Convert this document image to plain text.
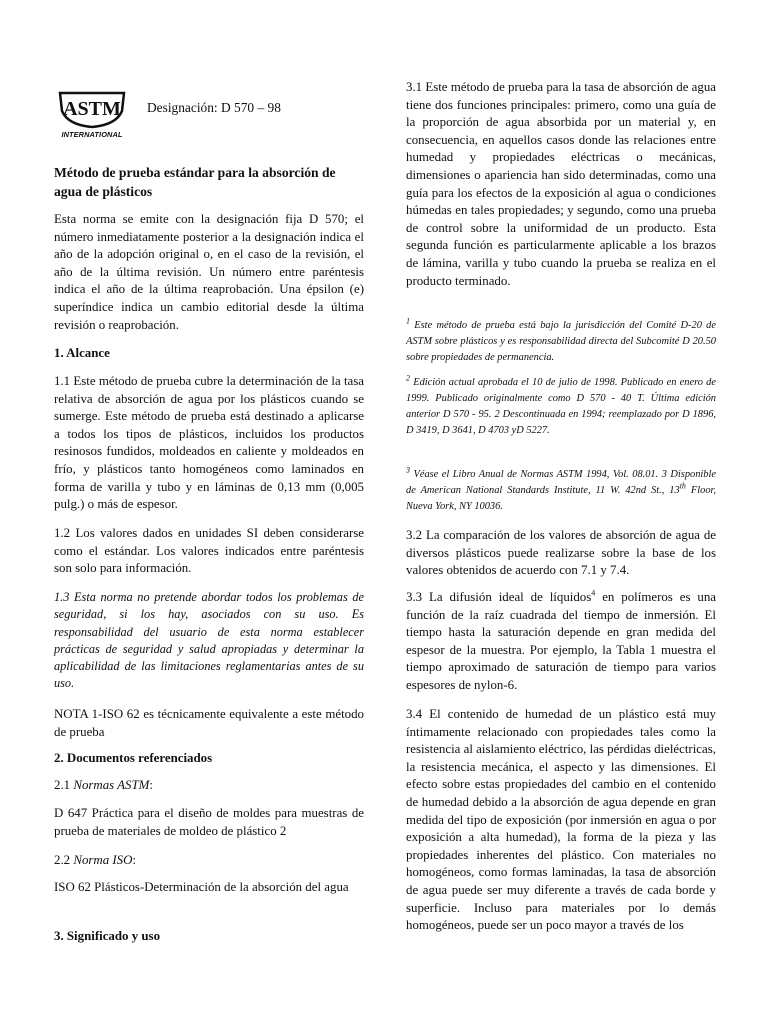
ASTM
INTERNATIONAL
Designación: D 570 – 98

Método de prueba estándar para la absorción de agua de plásticos

Esta norma se emite con la designación fija D 570; el número inmediatamente posterior a la designación indica el año de la adopción original o, en el caso de la revisión, el año de la última revisión. Un número entre paréntesis indica el año de la última reaprobación. Una épsilon (e) superíndice indica un cambio editorial desde la última revisión o reaprobación.

1. Alcance

1.1 Este método de prueba cubre la determinación de la tasa relativa de absorción de agua por los plásticos cuando se sumerge. Este método de prueba está destinado a aplicarse a todos los tipos de plásticos, incluidos los productos resinosos fundidos, moldeados en caliente y moldeados en frío, y plásticos tanto homogéneos como laminados en forma de varilla y tubo y en láminas de 0,13 mm (0,005 pulg.) o más de espesor.

1.2 Los valores dados en unidades SI deben considerarse como el estándar. Los valores indicados entre paréntesis son solo para información.

1.3 Esta norma no pretende abordar todos los problemas de seguridad, si los hay, asociados con su uso. Es responsabilidad del usuario de esta norma establecer prácticas de seguridad y salud apropiadas y determinar la aplicabilidad de las limitaciones reglamentarias antes de su uso.

NOTA 1-ISO 62 es técnicamente equivalente a este método de prueba

2. Documentos referenciados

2.1 Normas ASTM:

D 647 Práctica para el diseño de moldes para muestras de prueba de materiales de moldeo de plástico 2

2.2 Norma ISO:

ISO 62 Plásticos-Determinación de la absorción del agua

3. Significado y uso

3.1 Este método de prueba para la tasa de absorción de agua tiene dos funciones principales: primero, como una guía de la proporción de agua absorbida por un material y, en consecuencia, en aquellos casos donde las relaciones entre humedad y propiedades eléctricas o mecánicas, dimensiones o apariencia han sido determinadas, como una guía para los efectos de la exposición al agua o condiciones húmedas en tales propiedades; y segundo, como una prueba de control sobre la uniformidad de un producto. Esta segunda función es particularmente aplicable a los brazos de lámina, varilla y tubo cuando la prueba se realiza en el producto terminado.

$^1$ Este método de prueba está bajo la jurisdicción del Comité D-20 de ASTM sobre plásticos y es responsabilidad directa del Subcomité D 20.50 sobre propiedades de permanencia.

$^2$ Edición actual aprobada el 10 de julio de 1998. Publicado en enero de 1999. Publicado originalmente como D 570 - 40 T. Última edición anterior D 570 - 95. 2 Descontinuada en 1994; reemplazado por D 1896, D 3419, D 3641, D 4703 yD 5227.

$^3$ Véase el Libro Anual de Normas ASTM 1994, Vol. 08.01. 3 Disponible de American National Standards Institute, 11 W. 42nd St., 13th Floor, Nueva York, NY 10036.

3.2 La comparación de los valores de absorción de agua de diversos plásticos puede realizarse sobre la base de los valores obtenidos de acuerdo con 7.1 y 7.4.

3.3 La difusión ideal de líquidos$^4$ en polímeros es una función de la raíz cuadrada del tiempo de inmersión. El tiempo hasta la saturación depende en gran medida del espesor de la muestra. Por ejemplo, la Tabla 1 muestra el tiempo aproximado de saturación de tiempo para varios espesores de nylon-6.

3.4 El contenido de humedad de un plástico está muy íntimamente relacionado con propiedades tales como la resistencia al aislamiento eléctrico, las pérdidas dieléctricas, la resistencia mecánica, el aspecto y las dimensiones. El efecto sobre estas propiedades del cambio en el contenido de humedad debido a la absorción de agua depende en gran medida del tipo de exposición (por inmersión en agua o por exposición a alta humedad), la forma de la pieza y las propiedades inherentes del plástico. Con materiales no homogéneos, como formas laminadas, la tasa de absorción de agua puede ser muy diferente a través de cada borde y superficie. Incluso para materiales por lo demás homogéneos, puede ser un poco mayor a través de los
